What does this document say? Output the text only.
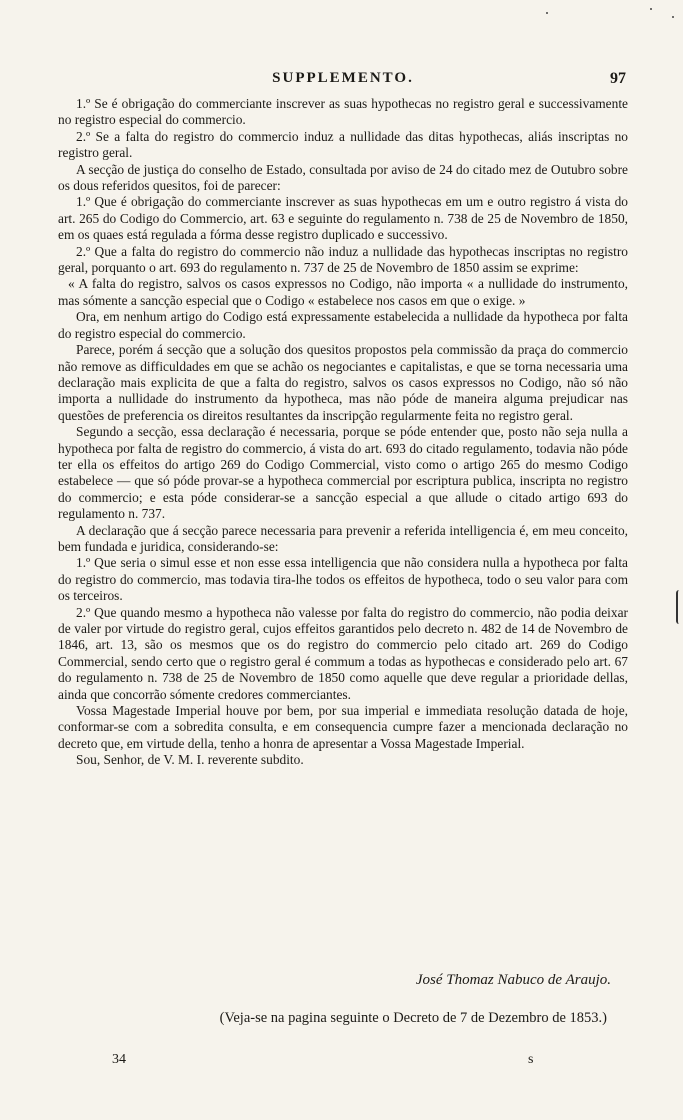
SUPPLEMENTO.	97

1.º Se é obrigação do commerciante inscrever as suas hypothecas no registro geral e successivamente no registro especial do commercio.

2.º Se a falta do registro do commercio induz a nullidade das ditas hypothecas, aliás inscriptas no registro geral.

A secção de justiça do conselho de Estado, consultada por aviso de 24 do citado mez de Outubro sobre os dous referidos quesitos, foi de parecer:

1.º Que é obrigação do commerciante inscrever as suas hypothecas em um e outro registro á vista do art. 265 do Codigo do Commercio, art. 63 e seguinte do regulamento n. 738 de 25 de Novembro de 1850, em os quaes está regulada a fórma desse registro duplicado e successivo.

2.º Que a falta do registro do commercio não induz a nullidade das hypothecas inscriptas no registro geral, porquanto o art. 693 do regulamento n. 737 de 25 de Novembro de 1850 assim se exprime:

« A falta do registro, salvos os casos expressos no Codigo, não importa « a nullidade do instrumento, mas sómente a sancção especial que o Codigo « estabelece nos casos em que o exige. »

Ora, em nenhum artigo do Codigo está expressamente estabelecida a nullidade da hypotheca por falta do registro especial do commercio.

Parece, porém á secção que a solução dos quesitos propostos pela commissão da praça do commercio não remove as difficuldades em que se achão os negociantes e capitalistas, e que se torna necessaria uma declaração mais explicita de que a falta do registro, salvos os casos expressos no Codigo, não só não importa a nullidade do instrumento da hypotheca, mas não póde de maneira alguma prejudicar nas questões de preferencia os direitos resultantes da inscripção regularmente feita no registro geral.

Segundo a secção, essa declaração é necessaria, porque se póde entender que, posto não seja nulla a hypotheca por falta de registro do commercio, á vista do art. 693 do citado regulamento, todavia não póde ter ella os effeitos do artigo 269 do Codigo Commercial, visto como o artigo 265 do mesmo Codigo estabelece — que só póde provar-se a hypotheca commercial por escriptura publica, inscripta no registro do commercio; e esta póde considerar-se a sancção especial a que allude o citado artigo 693 do regulamento n. 737.

A declaração que á secção parece necessaria para prevenir a referida intelligencia é, em meu conceito, bem fundada e juridica, considerando-se:

1.º Que seria o simul esse et non esse essa intelligencia que não considera nulla a hypotheca por falta do registro do commercio, mas todavia tira-lhe todos os effeitos de hypotheca, todo o seu valor para com os terceiros.

2.º Que quando mesmo a hypotheca não valesse por falta do registro do commercio, não podia deixar de valer por virtude do registro geral, cujos effeitos garantidos pelo decreto n. 482 de 14 de Novembro de 1846, art. 13, são os mesmos que os do registro do commercio pelo citado art. 269 do Codigo Commercial, sendo certo que o registro geral é commum a todas as hypothecas e considerado pelo art. 67 do regulamento n. 738 de 25 de Novembro de 1850 como aquelle que deve regular a prioridade dellas, ainda que concorrão sómente credores commerciantes.

Vossa Magestade Imperial houve por bem, por sua imperial e immediata resolução datada de hoje, conformar-se com a sobredita consulta, e em consequencia cumpre fazer a mencionada declaração no decreto que, em virtude della, tenho a honra de apresentar a Vossa Magestade Imperial.

Sou, Senhor, de V. M. I. reverente subdito.

José Thomaz Nabuco de Araujo.
(Veja-se na pagina seguinte o Decreto de 7 de Dezembro de 1853.)
34	s
